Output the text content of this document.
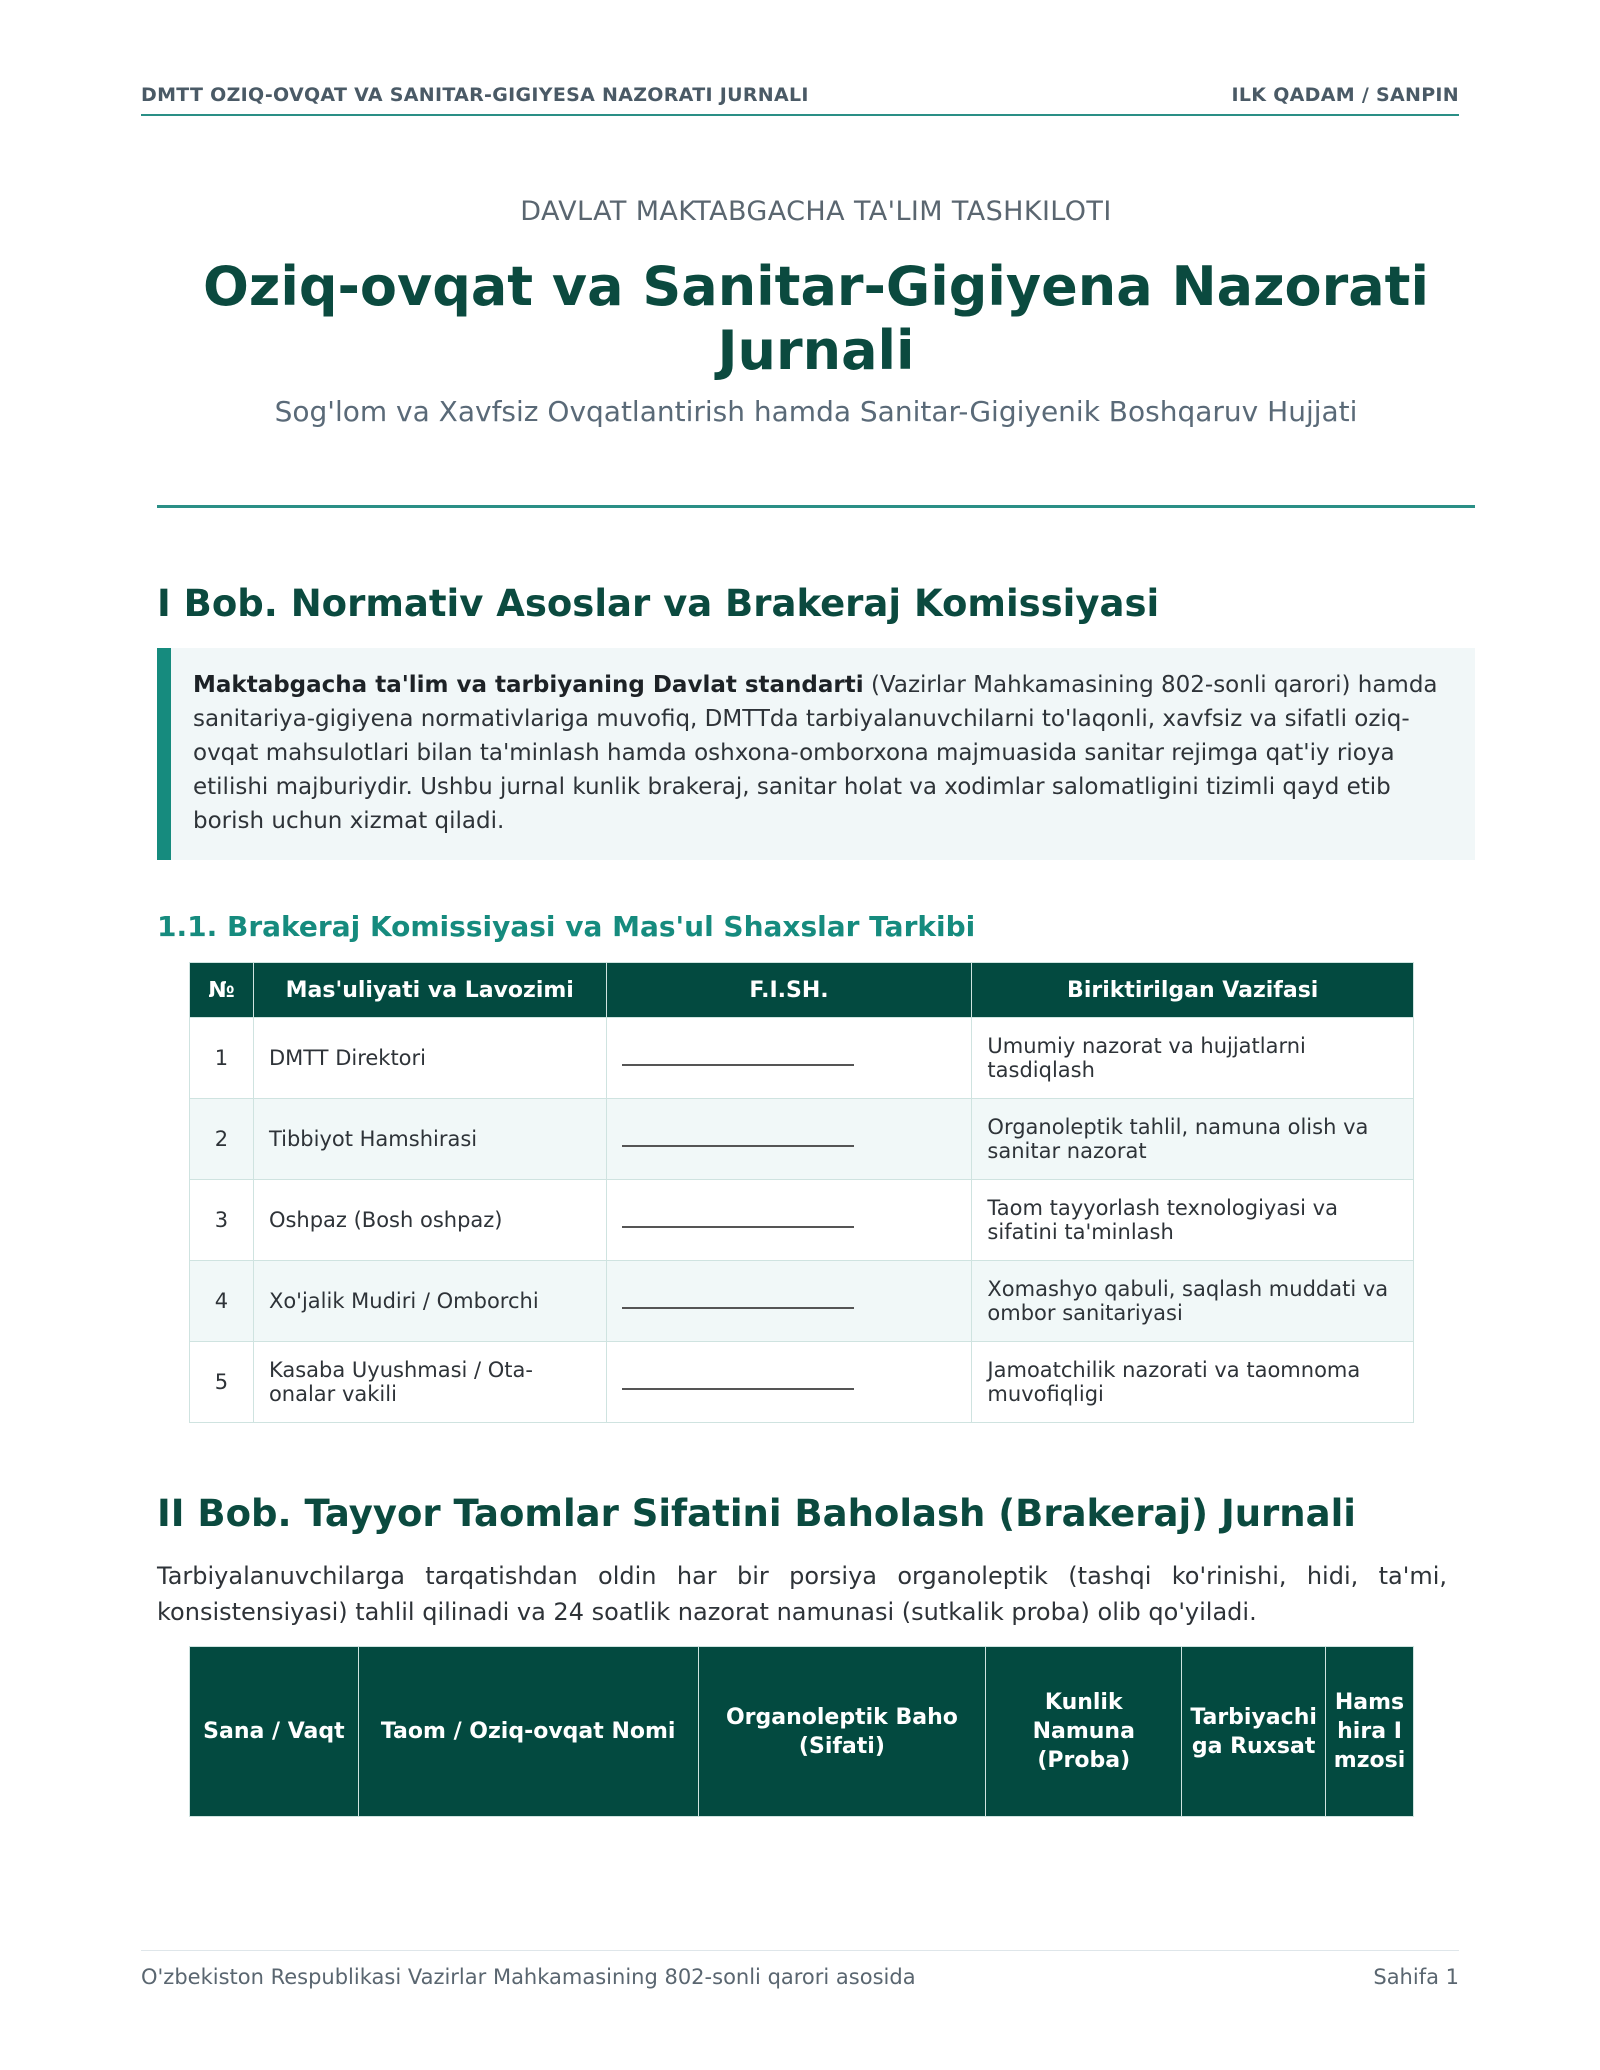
DMTT OZIQ-OVQAT VA SANITAR-GIGIYESA NAZORATI JURNALI	ILK QADAM / SANPIN
DAVLAT MAKTABGACHA TA'LIM TASHKILOTI
Oziq-ovqat va Sanitar-Gigiyena Nazorati Jurnali
Sog'lom va Xavfsiz Ovqatlantirish hamda Sanitar-Gigiyenik Boshqaruv Hujjati
I Bob. Normativ Asoslar va Brakeraj Komissiyasi
Maktabgacha ta'lim va tarbiyaning Davlat standarti (Vazirlar Mahkamasining 802-sonli qarori) hamda sanitariya-gigiyena normativlariga muvofiq, DMTTda tarbiyalanuvchilarni to'laqonli, xavfsiz va sifatli oziq-ovqat mahsulotlari bilan ta'minlash hamda oshxona-omborxona majmuasida sanitar rejimga qat'iy rioya etilishi majburiydir. Ushbu jurnal kunlik brakeraj, sanitar holat va xodimlar salomatligini tizimli qayd etib borish uchun xizmat qiladi.
1.1. Brakeraj Komissiyasi va Mas'ul Shaxslar Tarkibi
№	Mas'uliyati va Lavozimi	F.I.SH.	Biriktirilgan Vazifasi
1	DMTT Direktori		Umumiy nazorat va hujjatlarni tasdiqlash
2	Tibbiyot Hamshirasi		Organoleptik tahlil, namuna olish va sanitar nazorat
3	Oshpaz (Bosh oshpaz)		Taom tayyorlash texnologiyasi va sifatini ta'minlash
4	Xo'jalik Mudiri / Omborchi		Xomashyo qabuli, saqlash muddati va ombor sanitariyasi
5	Kasaba Uyushmasi / Ota-onalar vakili		Jamoatchilik nazorati va taomnoma muvofiqligi
II Bob. Tayyor Taomlar Sifatini Baholash (Brakeraj) Jurnali

Tarbiyalanuvchilarga tarqatishdan oldin har bir porsiya organoleptik (tashqi ko'rinishi, hidi, ta'mi, konsistensiyasi) tahlil qilinadi va 24 soatlik nazorat namunasi (sutkalik proba) olib qo'yiladi.

Sana / Vaqt	Taom / Oziq-ovqat Nomi	Organoleptik Baho (Sifati)	Kunlik Namuna (Proba)	Tarbiyachiga Ruxsat	Hamshira Imzosi
O'zbekiston Respublikasi Vazirlar Mahkamasining 802-sonli qarori asosida	Sahifa 1
